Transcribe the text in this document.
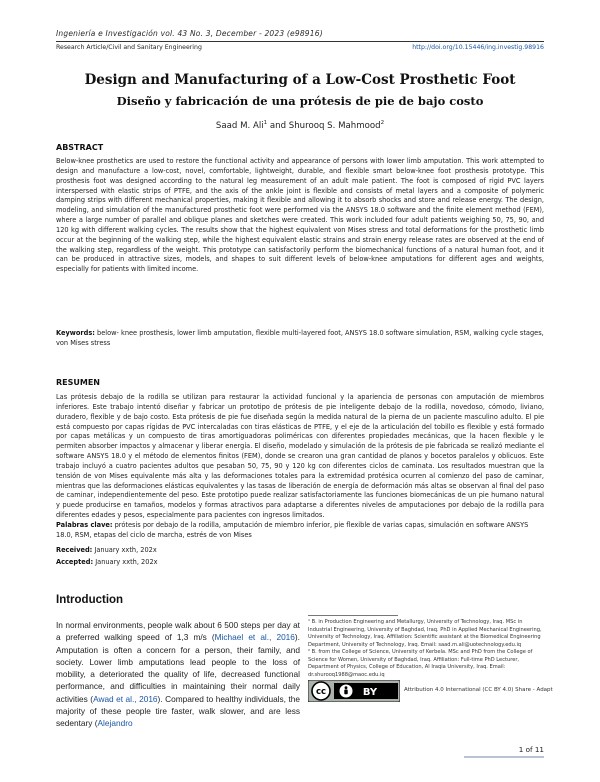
Ingeniería e Investigación vol. 43 No. 3, December - 2023 (e98916)
Research Article/Civil and Sanitary Engineering	http://doi.org/10.15446/ing.investig.98916
Design and Manufacturing of a Low-Cost Prosthetic Foot
Diseño y fabricación de una prótesis de pie de bajo costo
Saad M. Ali$^1$ and Shurooq S. Mahmood$^2$
ABSTRACT
Below-knee prosthetics are used to restore the functional activity and appearance of persons with lower limb amputation. This work attempted to design and manufacture a low-cost, novel, comfortable, lightweight, durable, and flexible smart below-knee foot prosthesis prototype. This prosthesis foot was designed according to the natural leg measurement of an adult male patient. The foot is composed of rigid PVC layers interspersed with elastic strips of PTFE, and the axis of the ankle joint is flexible and consists of metal layers and a composite of polymeric damping strips with different mechanical properties, making it flexible and allowing it to absorb shocks and store and release energy. The design, modeling, and simulation of the manufactured prosthetic foot were performed via the ANSYS 18.0 software and the finite element method (FEM), where a large number of parallel and oblique planes and sketches were created. This work included four adult patients weighing 50, 75, 90, and 120 kg with different walking cycles. The results show that the highest equivalent von Mises stress and total deformations for the prosthetic limb occur at the beginning of the walking step, while the highest equivalent elastic strains and strain energy release rates are observed at the end of the walking step, regardless of the weight. This prototype can satisfactorily perform the biomechanical functions of a natural human foot, and it can be produced in attractive sizes, models, and shapes to suit different levels of below-knee amputations for different ages and weights, especially for patients with limited income.
Keywords: below- knee prosthesis, lower limb amputation, flexible multi-layered foot, ANSYS 18.0 software simulation, RSM, walking cycle stages, von Mises stress
RESUMEN
Las prótesis debajo de la rodilla se utilizan para restaurar la actividad funcional y la apariencia de personas con amputación de miembros inferiores. Este trabajo intentó diseñar y fabricar un prototipo de prótesis de pie inteligente debajo de la rodilla, novedoso, cómodo, liviano, duradero, flexible y de bajo costo. Esta prótesis de pie fue diseñada según la medida natural de la pierna de un paciente masculino adulto. El pie está compuesto por capas rígidas de PVC intercaladas con tiras elásticas de PTFE, y el eje de la articulación del tobillo es flexible y está formado por capas metálicas y un compuesto de tiras amortiguadoras poliméricas con diferentes propiedades mecánicas, que la hacen flexible y le permiten absorber impactos y almacenar y liberar energía. El diseño, modelado y simulación de la prótesis de pie fabricada se realizó mediante el software ANSYS 18.0 y el método de elementos finitos (FEM), donde se crearon una gran cantidad de planos y bocetos paralelos y oblicuos. Este trabajo incluyó a cuatro pacientes adultos que pesaban 50, 75, 90 y 120 kg con diferentes ciclos de caminata. Los resultados muestran que la tensión de von Mises equivalente más alta y las deformaciones totales para la extremidad protésica ocurren al comienzo del paso de caminar, mientras que las deformaciones elásticas equivalentes y las tasas de liberación de energía de deformación más altas se observan al final del paso de caminar, independientemente del peso. Este prototipo puede realizar satisfactoriamente las funciones biomecánicas de un pie humano natural y puede producirse en tamaños, modelos y formas atractivos para adaptarse a diferentes niveles de amputaciones por debajo de la rodilla para diferentes edades y pesos, especialmente para pacientes con ingresos limitados.
Palabras clave: prótesis por debajo de la rodilla, amputación de miembro inferior, pie flexible de varias capas, simulación en software ANSYS 18.0, RSM, etapas del ciclo de marcha, estrés de von Mises
Received: January xxth, 202x
Accepted: January xxth, 202x
Introduction
In normal environments, people walk about 6 500 steps per day at a preferred walking speed of 1,3 m/s (Michael et al., 2016). Amputation is often a concern for a person, their family, and society. Lower limb amputations lead people to the loss of mobility, a deteriorated the quality of life, decreased functional performance, and difficulties in maintaining their normal daily activities (Awad et al., 2016). Compared to healthy individuals, the majority of these people tire faster, walk slower, and are less sedentary (Alejandro
¹ B. in Production Engineering and Metallurgy, University of Technology, Iraq. MSc in Industrial Engineering, University of Baghdad, Iraq. PhD in Applied Mechanical Engineering, University of Technology, Iraq. Affiliation: Scientific assistant at the Biomedical Engineering Department, University of Technology, Iraq. Email: saad.m.ali@uotechnology.edu.iq
² B. from the College of Science, University of Kerbela. MSc and PhD from the College of Science for Women, University of Baghdad, Iraq. Affiliation: Full-time PhD Lecturer, Department of Physics, College of Education, Al Iraqia University, Iraq. Email: dr.shurooq1988@maoc.edu.iq
cc	BY	Attribution 4.0 International (CC BY 4.0) Share - Adapt
1 of 11
